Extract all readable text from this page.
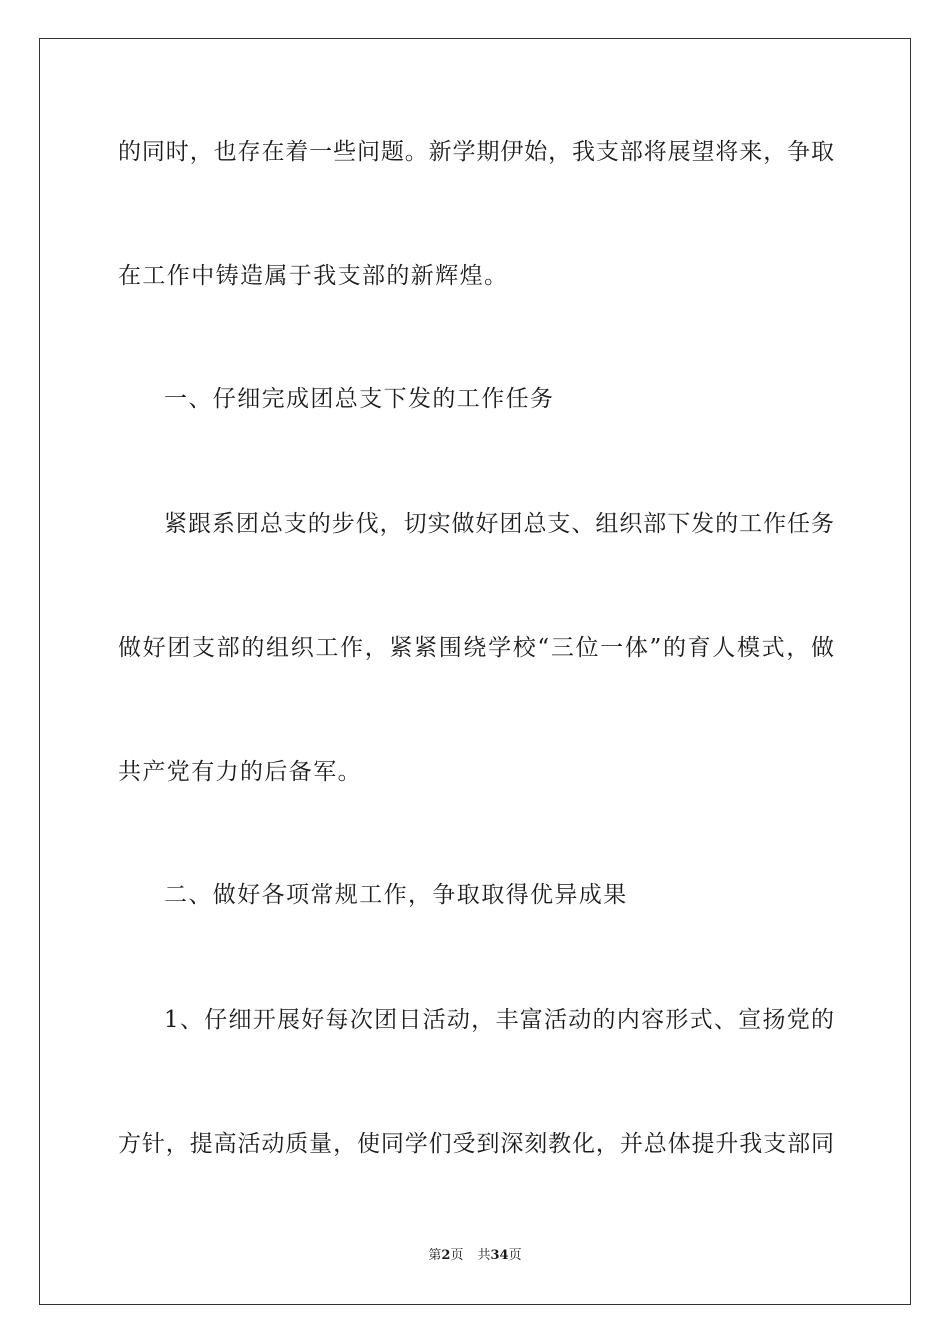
的同时，也存在着一些问题。新学期伊始，我支部将展望将来，争取
在工作中铸造属于我支部的新辉煌。
一、仔细完成团总支下发的工作任务
紧跟系团总支的步伐，切实做好团总支、组织部下发的工作任务
做好团支部的组织工作，紧紧围绕学校“三位一体”的育人模式，做
共产党有力的后备军。
二、做好各项常规工作，争取取得优异成果
1、仔细开展好每次团日活动，丰富活动的内容形式、宣扬党的
方针，提高活动质量，使同学们受到深刻教化，并总体提升我支部同
第2页 共34页
